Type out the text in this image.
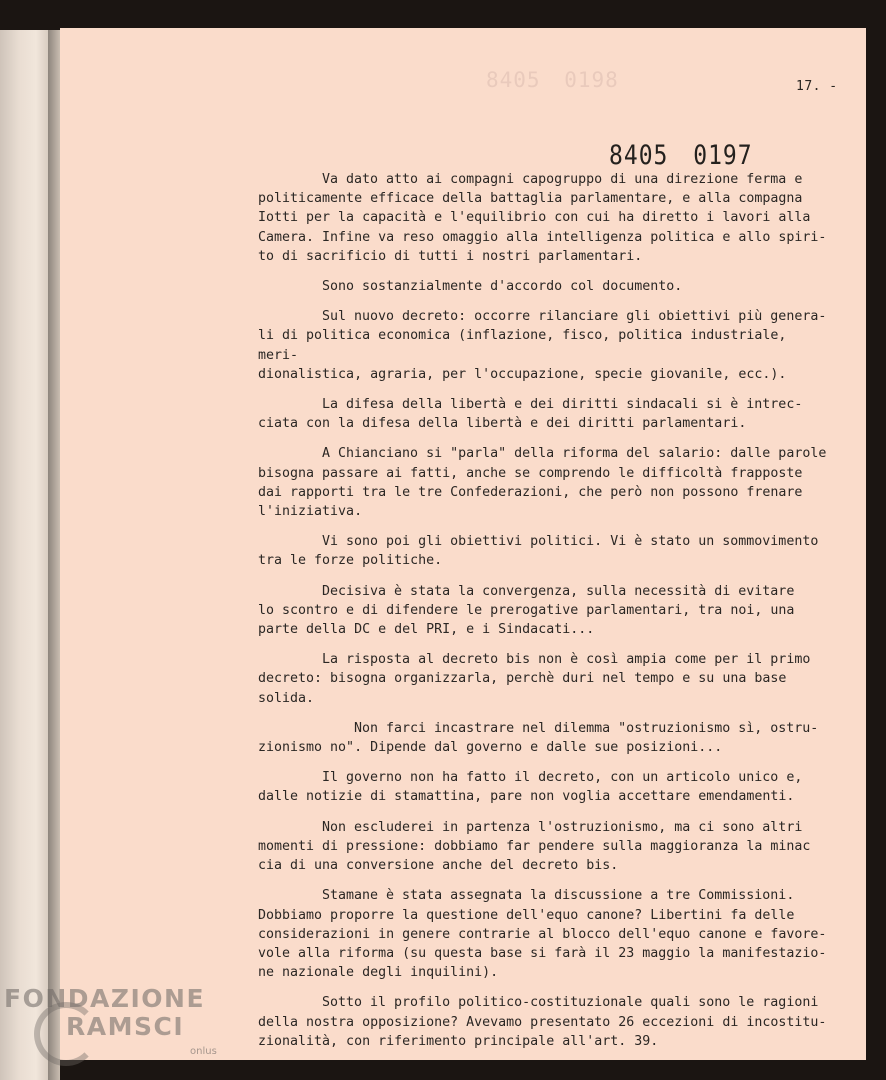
8405 0198	17. -
8405 0197

Va dato atto ai compagni capogruppo di una direzione ferma e
politicamente efficace della battaglia parlamentare, e alla compagna
Iotti per la capacità e l'equilibrio con cui ha diretto i lavori alla
Camera. Infine va reso omaggio alla intelligenza politica e allo spiri-
to di sacrificio di tutti i nostri parlamentari.

Sono sostanzialmente d'accordo col documento.

Sul nuovo decreto: occorre rilanciare gli obiettivi più genera-
li di politica economica (inflazione, fisco, politica industriale, meri-
dionalistica, agraria, per l'occupazione, specie giovanile, ecc.).

La difesa della libertà e dei diritti sindacali si è intrec-
ciata con la difesa della libertà e dei diritti parlamentari.

A Chianciano si "parla" della riforma del salario: dalle parole
bisogna passare ai fatti, anche se comprendo le difficoltà frapposte
dai rapporti tra le tre Confederazioni, che però non possono frenare
l'iniziativa.

Vi sono poi gli obiettivi politici. Vi è stato un sommovimento
tra le forze politiche.

Decisiva è stata la convergenza, sulla necessità di evitare
lo scontro e di difendere le prerogative parlamentari, tra noi, una
parte della DC e del PRI, e i Sindacati...

La risposta al decreto bis non è così ampia come per il primo
decreto: bisogna organizzarla, perchè duri nel tempo e su una base
solida.

Non farci incastrare nel dilemma "ostruzionismo sì, ostru-
zionismo no". Dipende dal governo e dalle sue posizioni...

Il governo non ha fatto il decreto, con un articolo unico e,
dalle notizie di stamattina, pare non voglia accettare emendamenti.

Non escluderei in partenza l'ostruzionismo, ma ci sono altri
momenti di pressione: dobbiamo far pendere sulla maggioranza la minac
cia di una conversione anche del decreto bis.

Stamane è stata assegnata la discussione a tre Commissioni.
Dobbiamo proporre la questione dell'equo canone? Libertini fa delle
considerazioni in genere contrarie al blocco dell'equo canone e favore-
vole alla riforma (su questa base si farà il 23 maggio la manifestazio-
ne nazionale degli inquilini).

Sotto il profilo politico-costituzionale quali sono le ragioni
della nostra opposizione? Avevamo presentato 26 eccezioni di incostitu-
zionalità, con riferimento principale all'art. 39.

FONDAZIONE
RAMSCI
onlus
